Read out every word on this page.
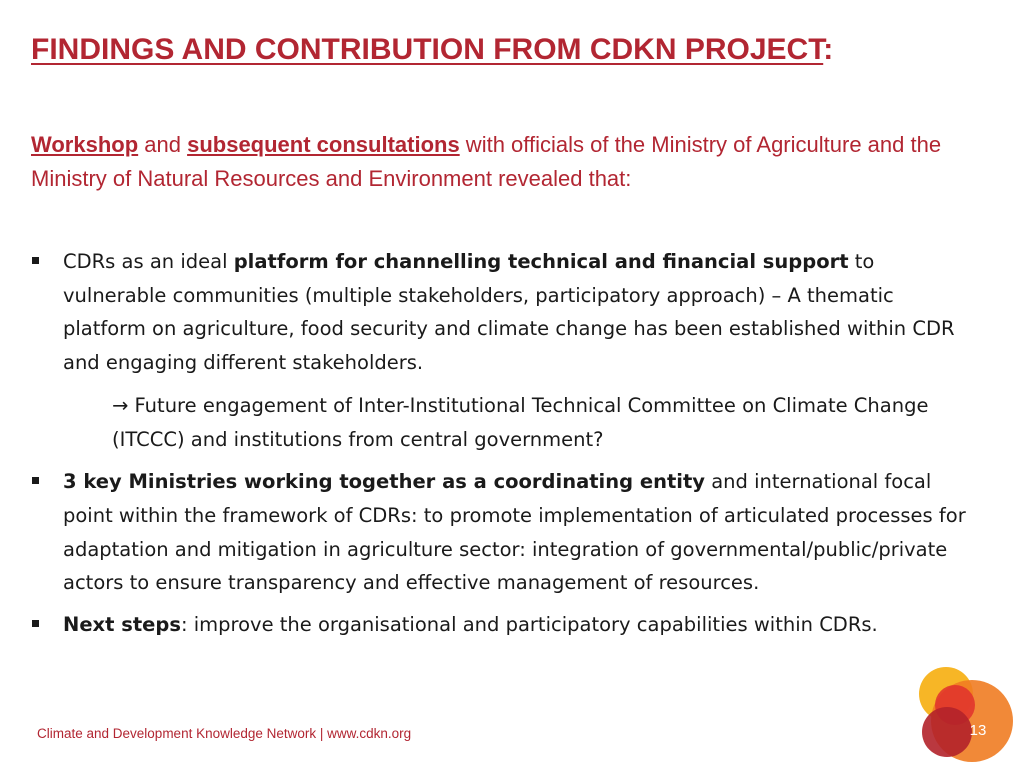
FINDINGS AND CONTRIBUTION FROM CDKN PROJECT:

Workshop and subsequent consultations with officials of the Ministry of Agriculture and the Ministry of Natural Resources and Environment revealed that:

CDRs as an ideal platform for channelling technical and financial support to vulnerable communities (multiple stakeholders, participatory approach) – A thematic platform on agriculture, food security and climate change has been established within CDR and engaging different stakeholders.
→ Future engagement of Inter-Institutional Technical Committee on Climate Change (ITCCC) and institutions from central government?
3 key Ministries working together as a coordinating entity and international focal point within the framework of CDRs: to promote implementation of articulated processes for adaptation and mitigation in agriculture sector: integration of governmental/public/private actors to ensure transparency and effective management of resources.
Next steps: improve the organisational and participatory capabilities within CDRs.
Climate and Development Knowledge Network | www.cdkn.org	13
